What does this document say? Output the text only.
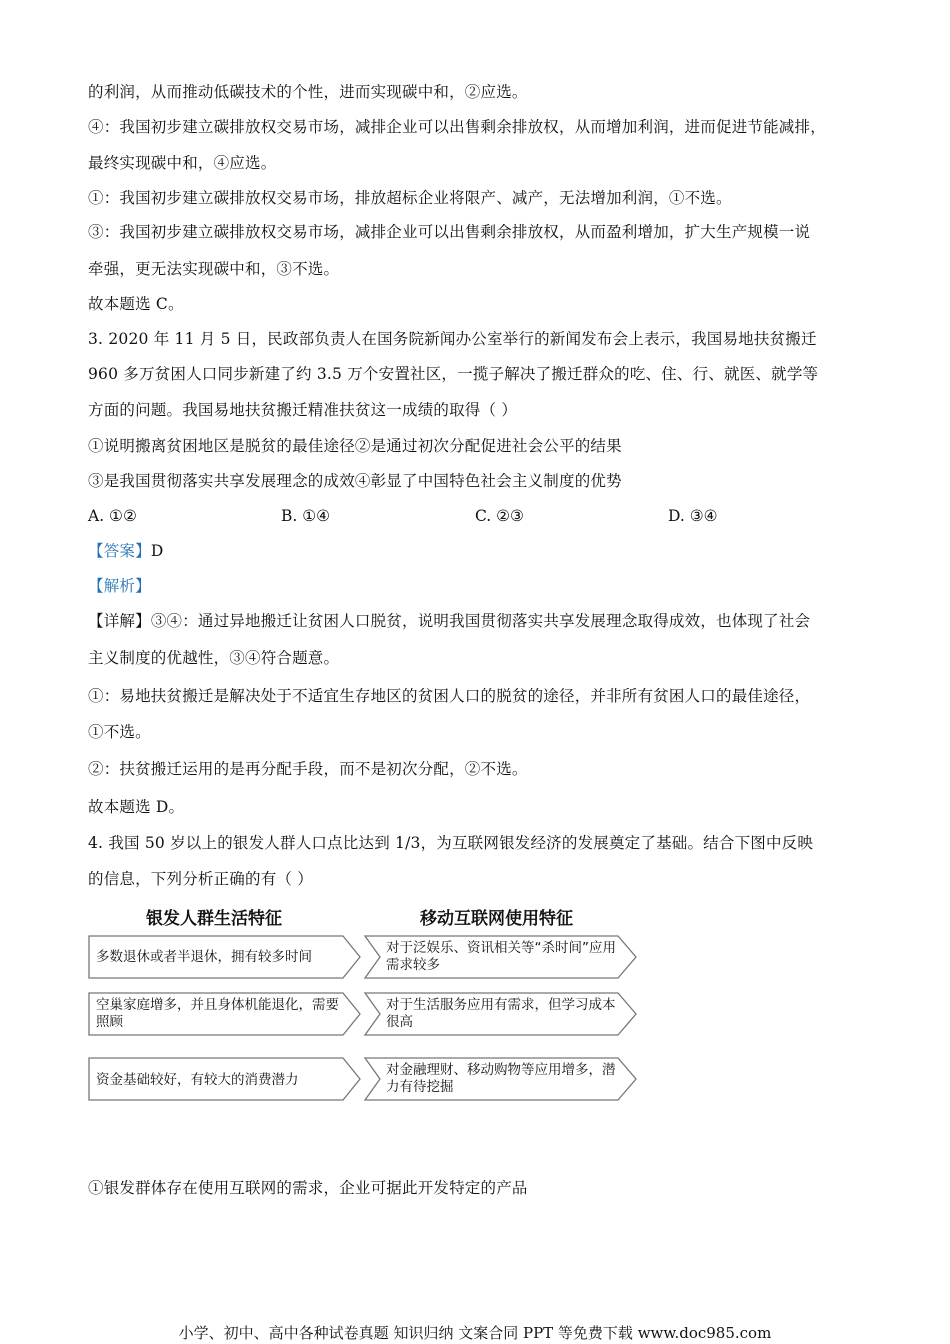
的利润，从而推动低碳技术的个性，进而实现碳中和，②应选。
④：我国初步建立碳排放权交易市场，减排企业可以出售剩余排放权，从而增加利润，进而促进节能减排，
最终实现碳中和，④应选。
①：我国初步建立碳排放权交易市场，排放超标企业将限产、减产，无法增加利润，①不选。
③：我国初步建立碳排放权交易市场，减排企业可以出售剩余排放权，从而盈利增加，扩大生产规模一说
牵强，更无法实现碳中和，③不选。
故本题选 C。
3. 2020 年 11 月 5 日，民政部负责人在国务院新闻办公室举行的新闻发布会上表示，我国易地扶贫搬迁
960 多万贫困人口同步新建了约 3.5 万个安置社区，一揽子解决了搬迁群众的吃、住、行、就医、就学等
方面的问题。我国易地扶贫搬迁精准扶贫这一成绩的取得（ ）
①说明搬离贫困地区是脱贫的最佳途径②是通过初次分配促进社会公平的结果
③是我国贯彻落实共享发展理念的成效④彰显了中国特色社会主义制度的优势
A. ①②	B. ①④	C. ②③	D. ③④
【答案】D
【解析】
【详解】③④：通过异地搬迁让贫困人口脱贫，说明我国贯彻落实共享发展理念取得成效，也体现了社会
主义制度的优越性，③④符合题意。
①：易地扶贫搬迁是解决处于不适宜生存地区的贫困人口的脱贫的途径，并非所有贫困人口的最佳途径，
①不选。
②：扶贫搬迁运用的是再分配手段，而不是初次分配，②不选。
故本题选 D。
4. 我国 50 岁以上的银发人群人口点比达到 1/3，为互联网银发经济的发展奠定了基础。结合下图中反映
的信息，下列分析正确的有（ ）
银发人群生活特征	移动互联网使用特征
多数退休或者半退休，拥有较多时间
对于泛娱乐、资讯相关等“杀时间”应用需求较多
空巢家庭增多，并且身体机能退化，需要照顾
对于生活服务应用有需求，但学习成本很高
资金基础较好，有较大的消费潜力
对金融理财、移动购物等应用增多，潜力有待挖掘
①银发群体存在使用互联网的需求，企业可据此开发特定的产品
小学、初中、高中各种试卷真题 知识归纳 文案合同 PPT 等免费下载 www.doc985.com
